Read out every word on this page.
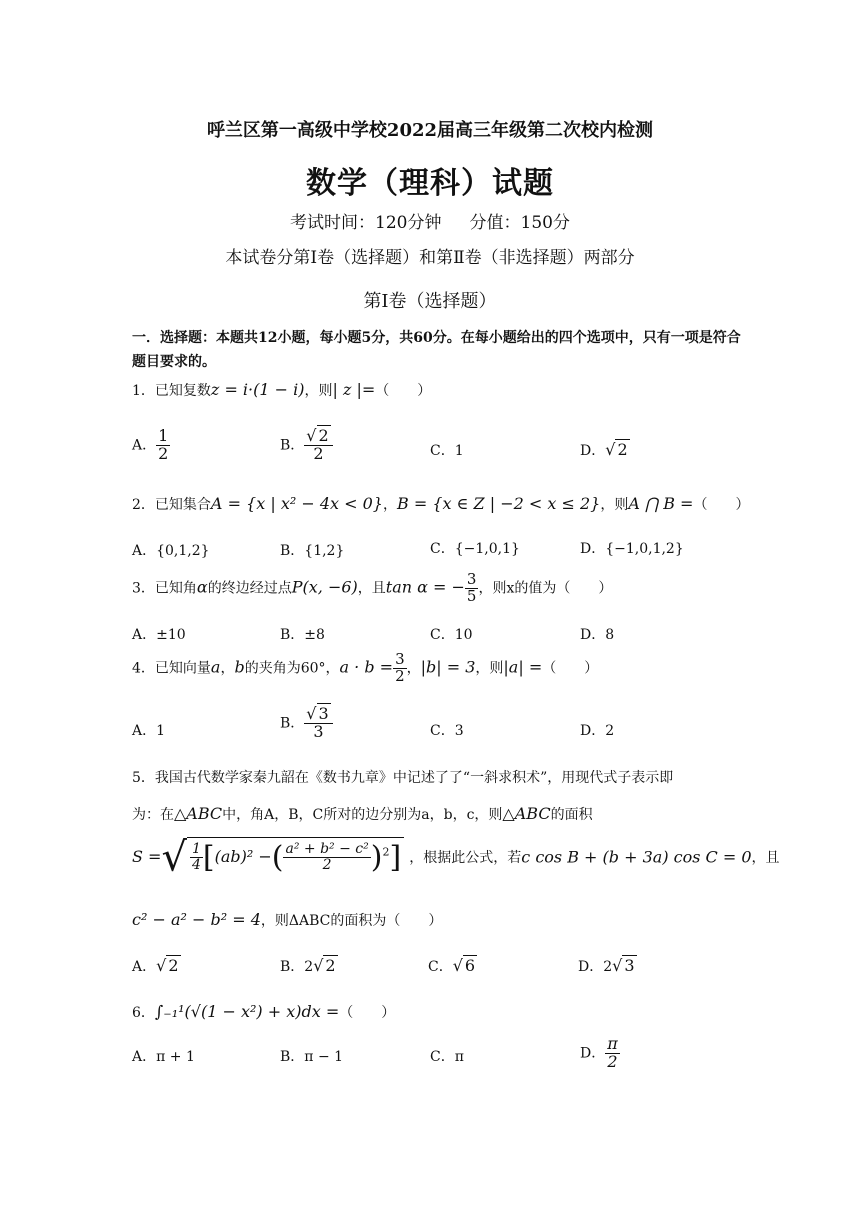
呼兰区第一高级中学校2022届高三年级第二次校内检测
数学（理科）试题
考试时间：120分钟 分值：150分
本试卷分第Ⅰ卷（选择题）和第Ⅱ卷（非选择题）两部分
第Ⅰ卷（选择题）
一．选择题：本题共12小题，每小题5分，共60分。在每小题给出的四个选项中，只有一项是符合题目要求的。
1．已知复数z = i·(1 − i)，则| z |=（　　）
A． $\frac{1}{2}$	B． $\frac{√ 2}{2}$	C．1	D．√ 2
2．已知集合A = {x | x² − 4x < 0}，B = {x ∈ Z | −2 < x ≤ 2}，则A ⋂ B =（　　）
A．{0,1,2}	B．{1,2}	C．{−1,0,1}	D．{−1,0,1,2}
3．已知角α的终边经过点P(x, −6)，且tan α = − $\frac{3}{5}$ ，则x的值为（　　）
A．±10	B．±8	C．10	D．8
4．已知向量a，b的夹角为60°，$a \cdot b = \frac{3}{2}$ ，|b| = 3，则|a| =（　　）
A．1	B． $\frac{√ 3}{3}$	C．3	D．2
5．我国古代数学家秦九韶在《数书九章》中记述了了“一斜求积术”，用现代式子表示即
为：在△ABC中，角A，B，C所对的边分别为a，b，c，则△ABC的面积
S =√ $\frac{1}{4} [(ab)^2$ −( $\frac{\text{a² + b² − c²}}{2} )^2$] ，根据此公式，若c cos B + (b + 3a) cos C = 0，且
c² − a² − b² = 4，则ΔABC的面积为（　　）
A．√ 2	B．2√ 2	C．√ 6	D．2√ 3
6．∫₋₁¹(√(1 − x²) + x)dx =（　　）
A．π + 1	B．π − 1	C．π	D． $\frac{\pi}{2}$
